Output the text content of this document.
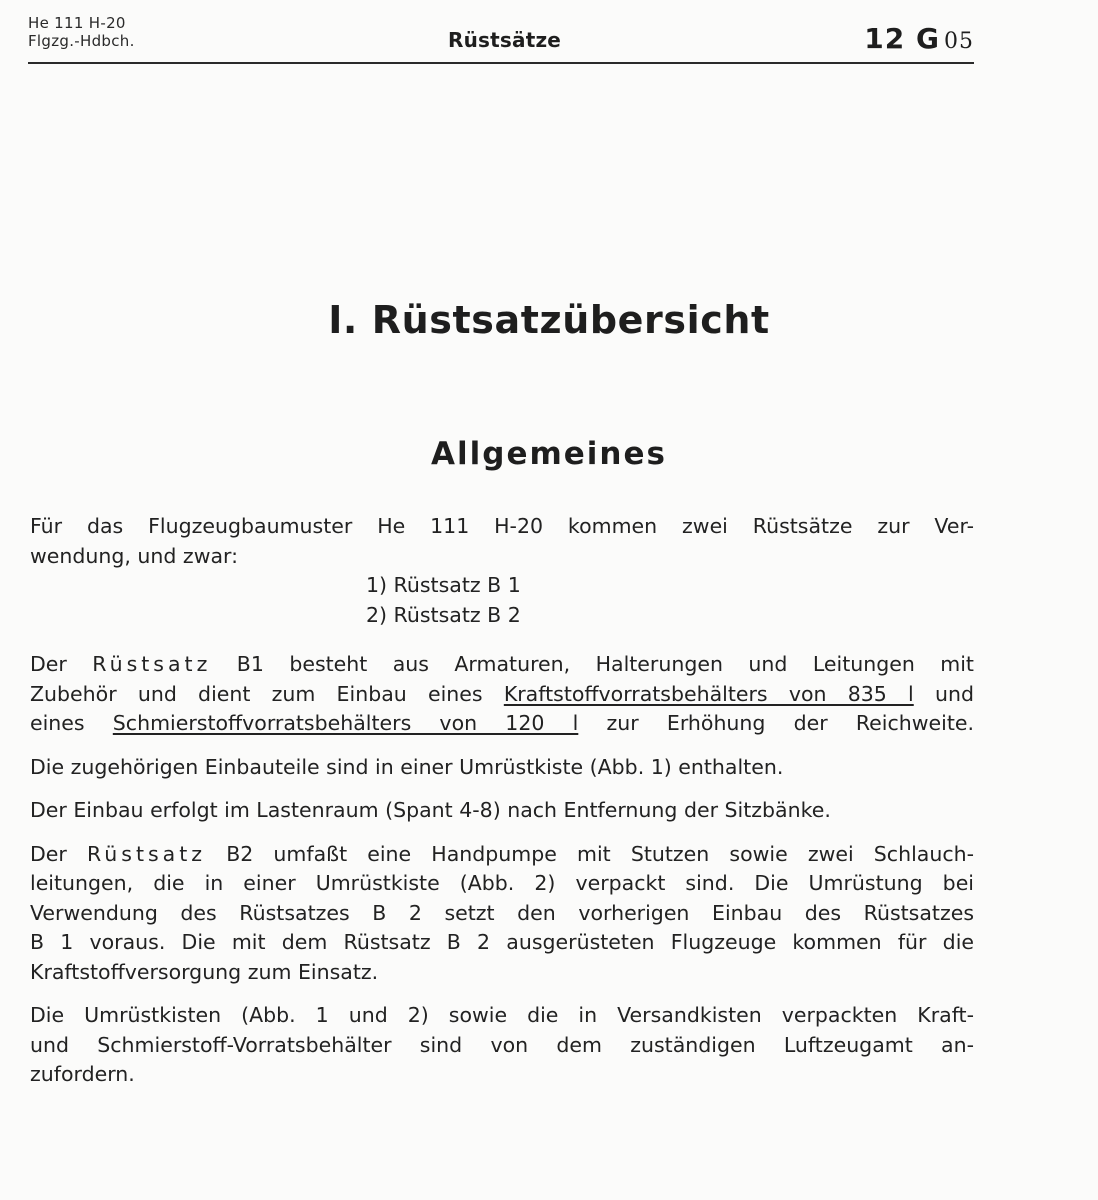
He 111 H-20
Flgzg.-Hdbch.	Rüstsätze	12 G 05
I. Rüstsatzübersicht
Allgemeines

Für das Flugzeugbaumuster He 111 H-20 kommen zwei Rüstsätze zur Ver-
wendung, und zwar:

1) Rüstsatz B 1
2) Rüstsatz B 2

Der Rüstsatz B1 besteht aus Armaturen, Halterungen und Leitungen mit
Zubehör und dient zum Einbau eines Kraftstoffvorratsbehälters von 835 l und
eines Schmierstoffvorratsbehälters von 120 l zur Erhöhung der Reichweite.

Die zugehörigen Einbauteile sind in einer Umrüstkiste (Abb. 1) enthalten.

Der Einbau erfolgt im Lastenraum (Spant 4-8) nach Entfernung der Sitzbänke.

Der Rüstsatz B2 umfaßt eine Handpumpe mit Stutzen sowie zwei Schlauch-
leitungen, die in einer Umrüstkiste (Abb. 2) verpackt sind. Die Umrüstung bei
Verwendung des Rüstsatzes B 2 setzt den vorherigen Einbau des Rüstsatzes
B 1 voraus. Die mit dem Rüstsatz B 2 ausgerüsteten Flugzeuge kommen für die
Kraftstoffversorgung zum Einsatz.

Die Umrüstkisten (Abb. 1 und 2) sowie die in Versandkisten verpackten Kraft-
und Schmierstoff-Vorratsbehälter sind von dem zuständigen Luftzeugamt an-
zufordern.
